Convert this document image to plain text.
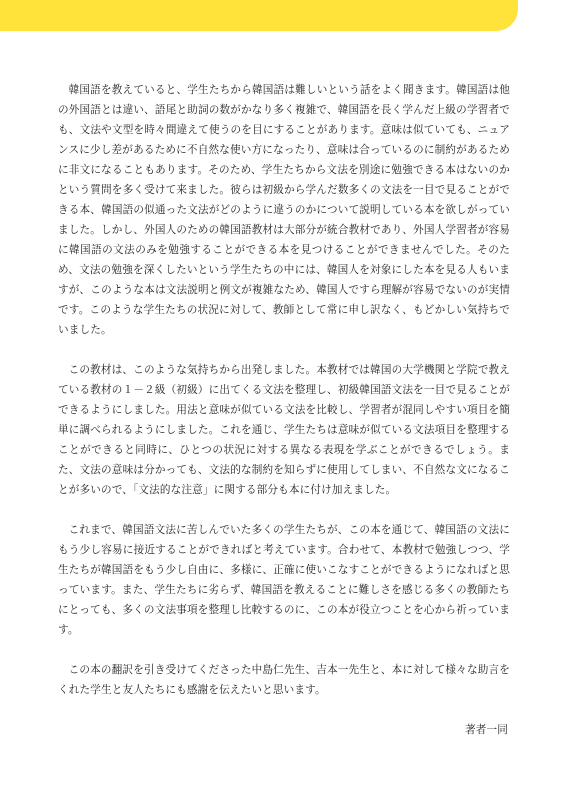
韓国語を教えていると、学生たちから韓国語は難しいという話をよく聞きます。韓国語は他の外国語とは違い、語尾と助詞の数がかなり多く複雑で、韓国語を長く学んだ上級の学習者でも、文法や文型を時々間違えて使うのを目にすることがあります。意味は似ていても、ニュアンスに少し差があるために不自然な使い方になったり、意味は合っているのに制約があるために非文になることもあります。そのため、学生たちから文法を別途に勉強できる本はないのかという質問を多く受けて来ました。彼らは初級から学んだ数多くの文法を一目で見ることができる本、韓国語の似通った文法がどのように違うのかについて説明している本を欲しがっていました。しかし、外国人のための韓国語教材は大部分が統合教材であり、外国人学習者が容易に韓国語の文法のみを勉強することができる本を見つけることができませんでした。そのため、文法の勉強を深くしたいという学生たちの中には、韓国人を対象にした本を見る人もいますが、このような本は文法説明と例文が複雑なため、韓国人ですら理解が容易でないのが実情です。このような学生たちの状況に対して、教師として常に申し訳なく、もどかしい気持ちでいました。

この教材は、このような気持ちから出発しました。本教材では韓国の大学機関と学院で教えている教材の１－２級（初級）に出てくる文法を整理し、初級韓国語文法を一目で見ることができるようにしました。用法と意味が似ている文法を比較し、学習者が混同しやすい項目を簡単に調べられるようにしました。これを通じ、学生たちは意味が似ている文法項目を整理することができると同時に、ひとつの状況に対する異なる表現を学ぶことができるでしょう。また、文法の意味は分かっても、文法的な制約を知らずに使用してしまい、不自然な文になることが多いので、「文法的な注意」に関する部分も本に付け加えました。

これまで、韓国語文法に苦しんでいた多くの学生たちが、この本を通じて、韓国語の文法にもう少し容易に接近することができればと考えています。合わせて、本教材で勉強しつつ、学生たちが韓国語をもう少し自由に、多様に、正確に使いこなすことができるようになればと思っています。また、学生たちに劣らず、韓国語を教えることに難しさを感じる多くの教師たちにとっても、多くの文法事項を整理し比較するのに、この本が役立つことを心から祈っています。

この本の翻訳を引き受けてくださった中島仁先生、吉本一先生と、本に対して様々な助言をくれた学生と友人たちにも感謝を伝えたいと思います。

著者一同
